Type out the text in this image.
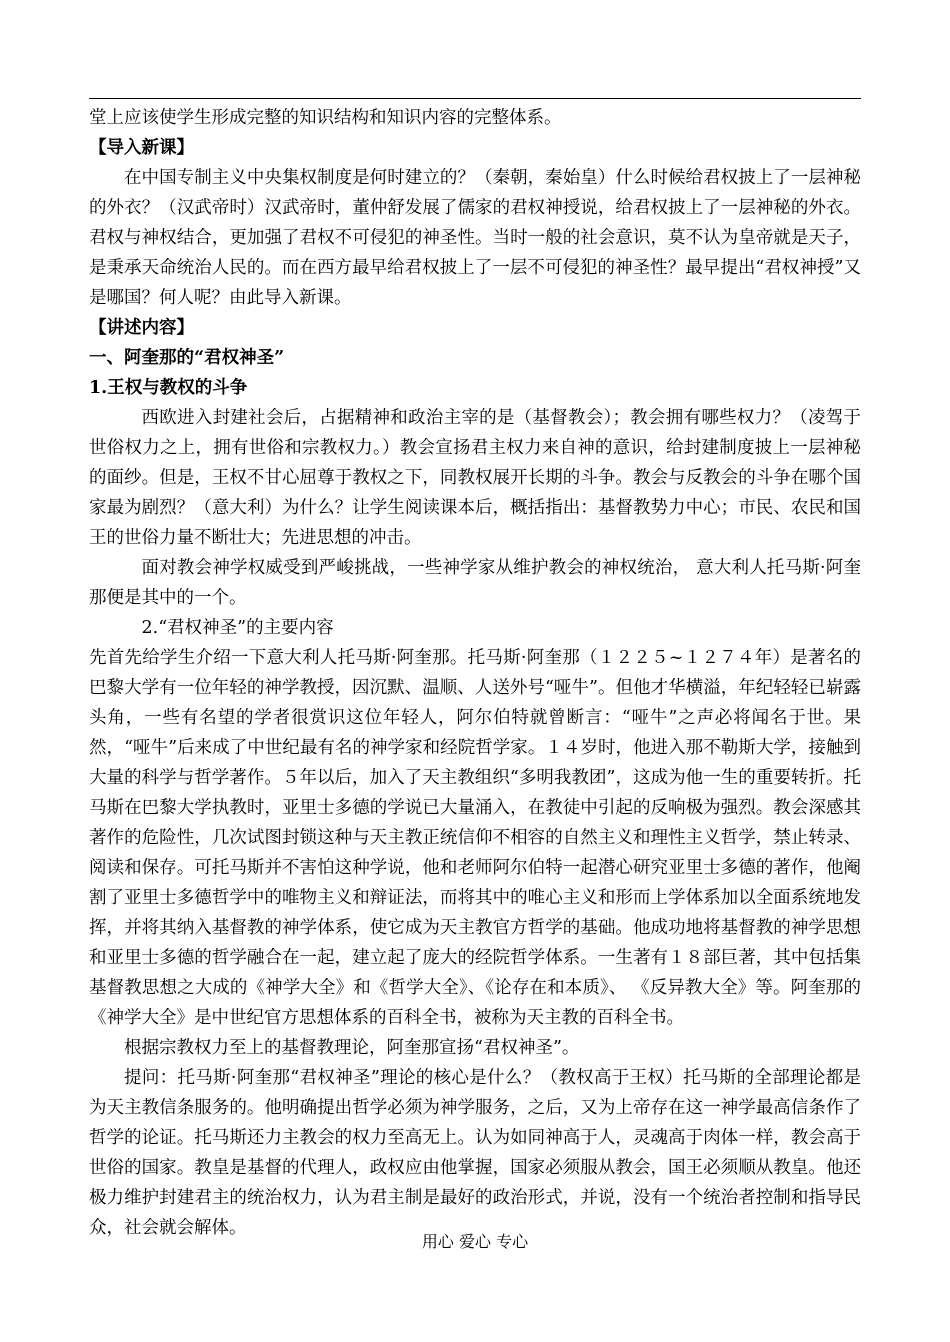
堂上应该使学生形成完整的知识结构和知识内容的完整体系。

【导入新课】

在中国专制主义中央集权制度是何时建立的？（秦朝，秦始皇）什么时候给君权披上了一层神秘的外衣？（汉武帝时）汉武帝时，董仲舒发展了儒家的君权神授说，给君权披上了一层神秘的外衣。君权与神权结合，更加强了君权不可侵犯的神圣性。当时一般的社会意识，莫不认为皇帝就是天子，是秉承天命统治人民的。而在西方最早给君权披上了一层不可侵犯的神圣性？最早提出“君权神授”又是哪国？何人呢？由此导入新课。

【讲述内容】

一、阿奎那的“君权神圣”

1.王权与教权的斗争

西欧进入封建社会后，占据精神和政治主宰的是（基督教会）；教会拥有哪些权力？（凌驾于世俗权力之上，拥有世俗和宗教权力。）教会宣扬君主权力来自神的意识，给封建制度披上一层神秘的面纱。但是，王权不甘心屈尊于教权之下，同教权展开长期的斗争。教会与反教会的斗争在哪个国家最为剧烈？（意大利）为什么？让学生阅读课本后，概括指出：基督教势力中心；市民、农民和国王的世俗力量不断壮大；先进思想的冲击。

面对教会神学权威受到严峻挑战，一些神学家从维护教会的神权统治， 意大利人托马斯·阿奎那便是其中的一个。

2.“君权神圣”的主要内容

先首先给学生介绍一下意大利人托马斯·阿奎那。托马斯·阿奎那（１２２５~１２７４年）是著名的巴黎大学有一位年轻的神学教授，因沉默、温顺、人送外号“哑牛”。但他才华横溢，年纪轻轻已崭露头角，一些有名望的学者很赏识这位年轻人，阿尔伯特就曾断言：“哑牛”之声必将闻名于世。果然，“哑牛”后来成了中世纪最有名的神学家和经院哲学家。１４岁时，他进入那不勒斯大学，接触到大量的科学与哲学著作。５年以后，加入了天主教组织“多明我教团”，这成为他一生的重要转折。托马斯在巴黎大学执教时，亚里士多德的学说已大量涌入，在教徒中引起的反响极为强烈。教会深感其著作的危险性，几次试图封锁这种与天主教正统信仰不相容的自然主义和理性主义哲学，禁止转录、阅读和保存。可托马斯并不害怕这种学说，他和老师阿尔伯特一起潜心研究亚里士多德的著作，他阉割了亚里士多德哲学中的唯物主义和辩证法，而将其中的唯心主义和形而上学体系加以全面系统地发挥，并将其纳入基督教的神学体系，使它成为天主教官方哲学的基础。他成功地将基督教的神学思想和亚里士多德的哲学融合在一起，建立起了庞大的经院哲学体系。一生著有１８部巨著，其中包括集基督教思想之大成的《神学大全》和《哲学大全》、《论存在和本质》、 《反异教大全》等。阿奎那的《神学大全》是中世纪官方思想体系的百科全书，被称为天主教的百科全书。

根据宗教权力至上的基督教理论，阿奎那宣扬“君权神圣”。

提问：托马斯·阿奎那“君权神圣”理论的核心是什么？（教权高于王权）托马斯的全部理论都是为天主教信条服务的。他明确提出哲学必须为神学服务，之后，又为上帝存在这一神学最高信条作了哲学的论证。托马斯还力主教会的权力至高无上。认为如同神高于人，灵魂高于肉体一样，教会高于世俗的国家。教皇是基督的代理人，政权应由他掌握，国家必须服从教会，国王必须顺从教皇。他还极力维护封建君主的统治权力，认为君主制是最好的政治形式，并说，没有一个统治者控制和指导民众，社会就会解体。

用心 爱心 专心
